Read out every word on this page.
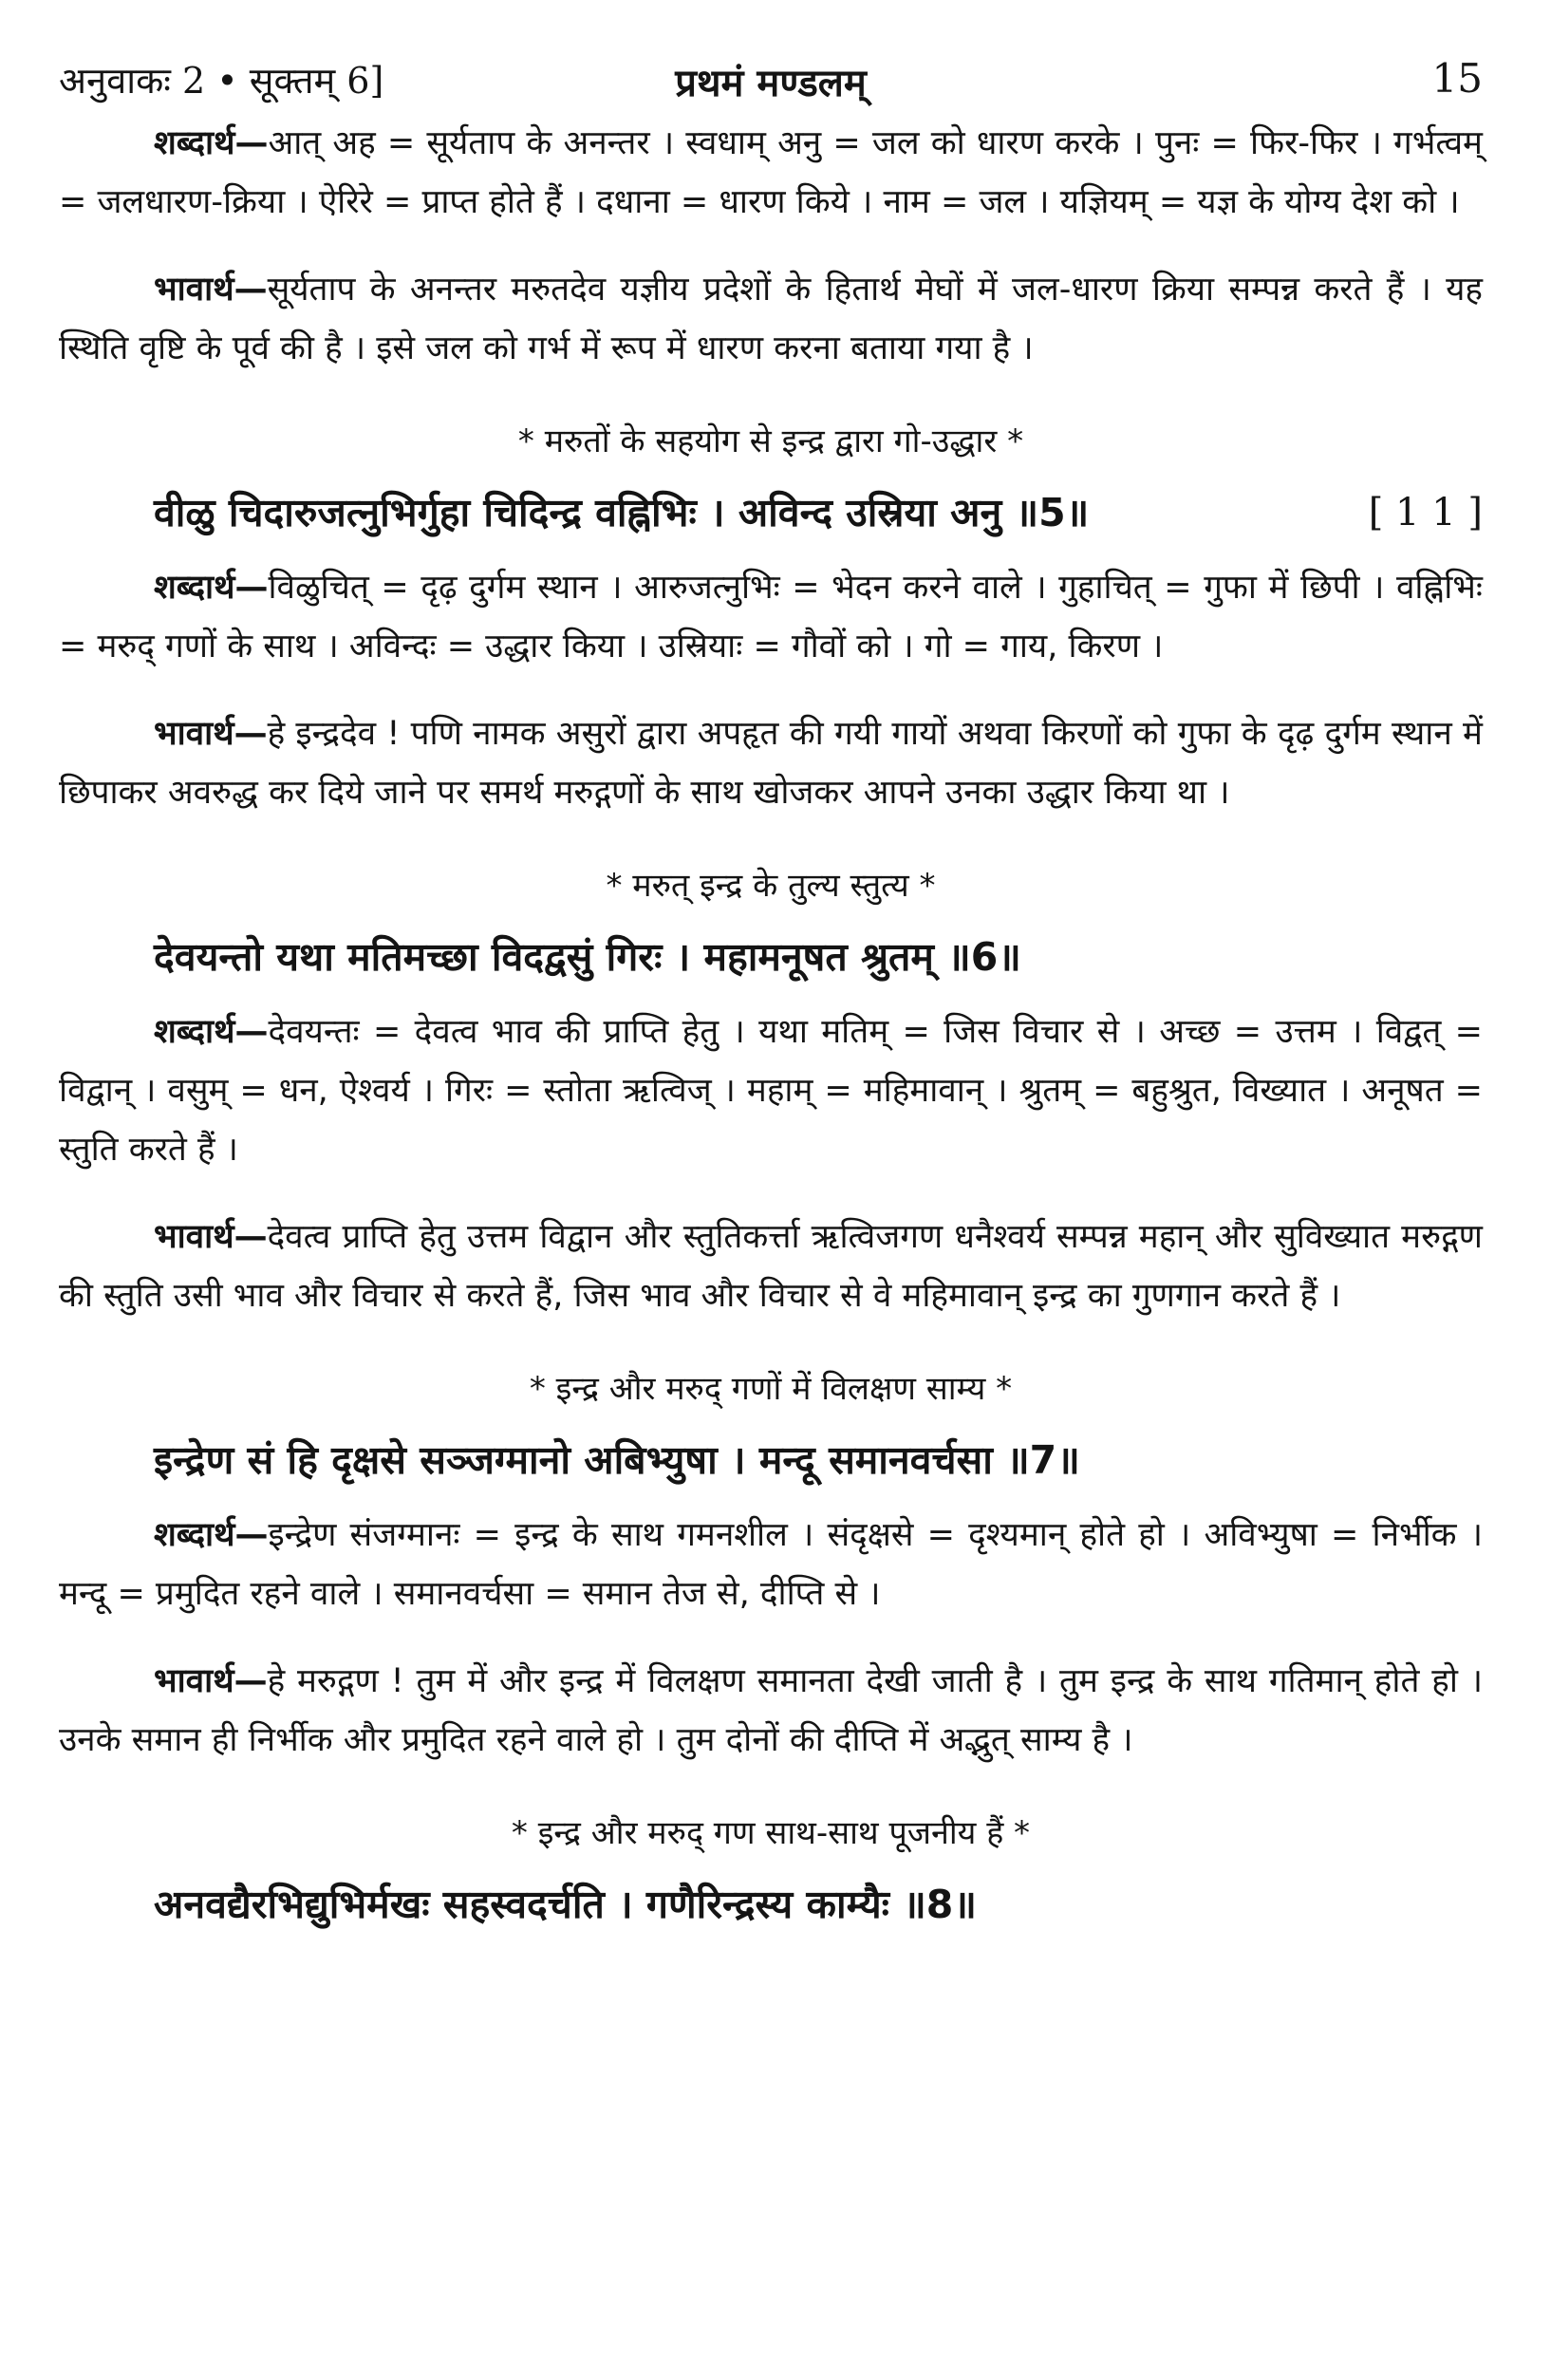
अनुवाकः 2 • सूक्तम् 6]	प्रथमं मण्डलम्	15

शब्दार्थ—आत् अह = सूर्यताप के अनन्तर । स्वधाम् अनु = जल को धारण करके । पुनः = फिर-फिर । गर्भत्वम् = जलधारण-क्रिया । ऐरिरे = प्राप्त होते हैं । दधाना = धारण किये । नाम = जल । यज्ञियम् = यज्ञ के योग्य देश को ।

भावार्थ—सूर्यताप के अनन्तर मरुतदेव यज्ञीय प्रदेशों के हितार्थ मेघों में जल-धारण क्रिया सम्पन्न करते हैं । यह स्थिति वृष्टि के पूर्व की है । इसे जल को गर्भ में रूप में धारण करना बताया गया है ।

* मरुतों के सहयोग से इन्द्र द्वारा गो-उद्धार *
वीळु चिदारुजत्नुभिर्गुहा चिदिन्द्र वह्निभिः । अविन्द उस्रिया अनु ॥5॥	[ 1 1 ]

शब्दार्थ—विळुचित् = दृढ़ दुर्गम स्थान । आरुजत्नुभिः = भेदन करने वाले । गुहाचित् = गुफा में छिपी । वह्निभिः = मरुद् गणों के साथ । अविन्दः = उद्धार किया । उस्रियाः = गौवों को । गो = गाय, किरण ।

भावार्थ—हे इन्द्रदेव ! पणि नामक असुरों द्वारा अपहृत की गयी गायों अथवा किरणों को गुफा के दृढ़ दुर्गम स्थान में छिपाकर अवरुद्ध कर दिये जाने पर समर्थ मरुद्गणों के साथ खोजकर आपने उनका उद्धार किया था ।

* मरुत् इन्द्र के तुल्य स्तुत्य *
देवयन्तो यथा मतिमच्छा विदद्वसुं गिरः । महामनूषत श्रुतम् ॥6॥

शब्दार्थ—देवयन्तः = देवत्व भाव की प्राप्ति हेतु । यथा मतिम् = जिस विचार से । अच्छ = उत्तम । विद्वत् = विद्वान् । वसुम् = धन, ऐश्वर्य । गिरः = स्तोता ऋत्विज् । महाम् = महिमावान् । श्रुतम् = बहुश्रुत, विख्यात । अनूषत = स्तुति करते हैं ।

भावार्थ—देवत्व प्राप्ति हेतु उत्तम विद्वान और स्तुतिकर्त्ता ऋत्विजगण धनैश्वर्य सम्पन्न महान् और सुविख्यात मरुद्गण की स्तुति उसी भाव और विचार से करते हैं, जिस भाव और विचार से वे महिमावान् इन्द्र का गुणगान करते हैं ।

* इन्द्र और मरुद् गणों में विलक्षण साम्य *
इन्द्रेण सं हि दृक्षसे सञ्जग्मानो अबिभ्युषा । मन्दू समानवर्चसा ॥7॥

शब्दार्थ—इन्द्रेण संजग्मानः = इन्द्र के साथ गमनशील । संदृक्षसे = दृश्यमान् होते हो । अविभ्युषा = निर्भीक । मन्दू = प्रमुदित रहने वाले । समानवर्चसा = समान तेज से, दीप्ति से ।

भावार्थ—हे मरुद्गण ! तुम में और इन्द्र में विलक्षण समानता देखी जाती है । तुम इन्द्र के साथ गतिमान् होते हो । उनके समान ही निर्भीक और प्रमुदित रहने वाले हो । तुम दोनों की दीप्ति में अद्भुत् साम्य है ।

* इन्द्र और मरुद् गण साथ-साथ पूजनीय हैं *
अनवद्यैरभिद्युभिर्मखः सहस्वदर्चति । गणैरिन्द्रस्य काम्यैः ॥8॥
